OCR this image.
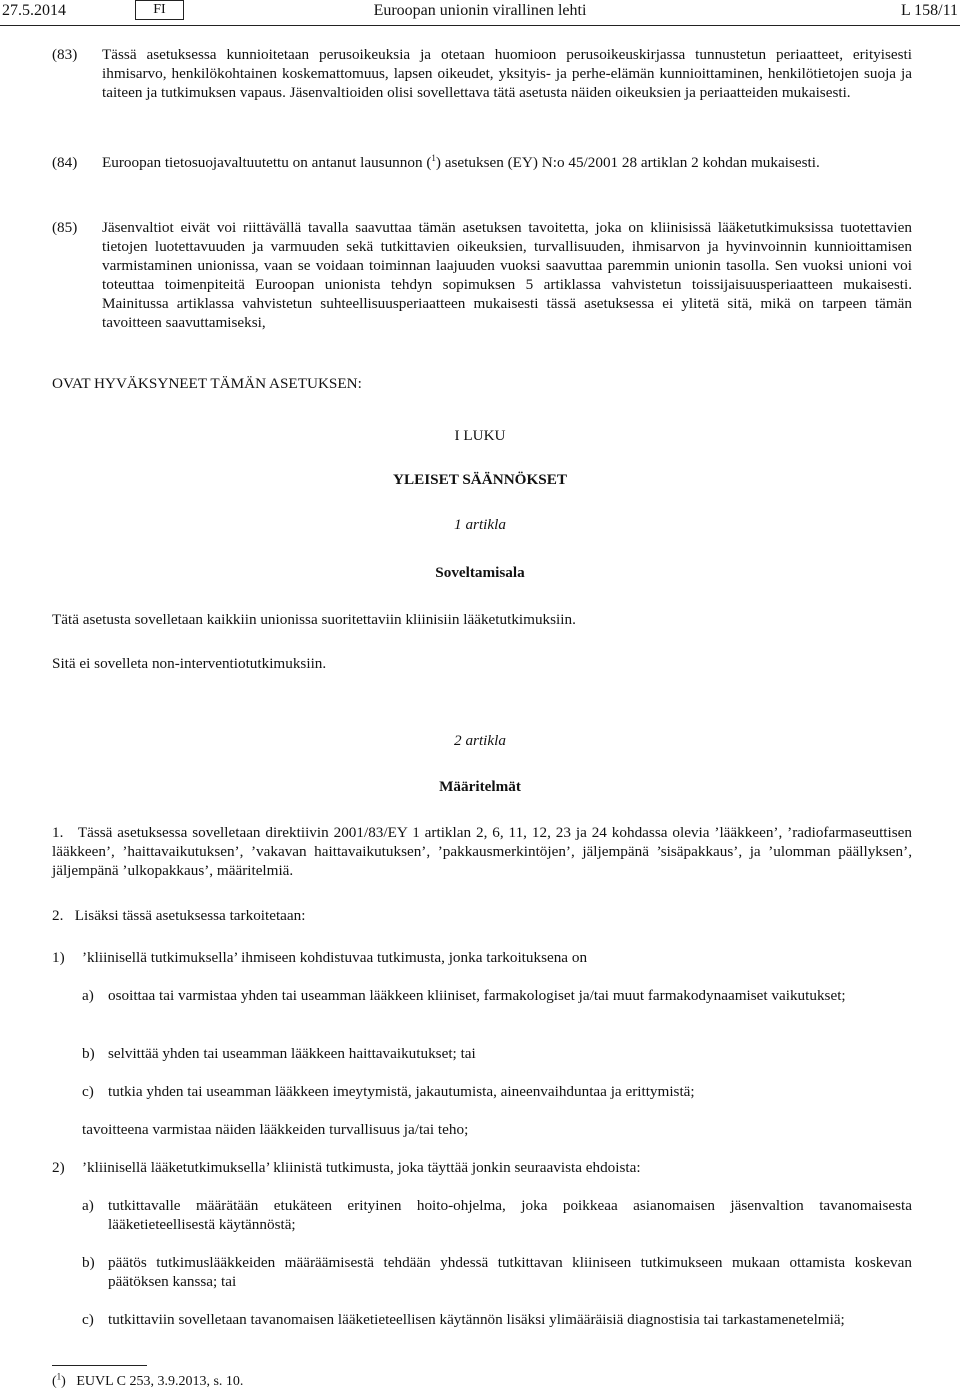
27.5.2014	FI	Euroopan unionin virallinen lehti	L 158/11
(83)	Tässä asetuksessa kunnioitetaan perusoikeuksia ja otetaan huomioon perusoikeuskirjassa tunnustetun periaatteet, erityisesti ihmisarvo, henkilökohtainen koskemattomuus, lapsen oikeudet, yksityis- ja perhe-elämän kunnioittaminen, henkilötietojen suoja ja taiteen ja tutkimuksen vapaus. Jäsenvaltioiden olisi sovellettava tätä asetusta näiden oikeuksien ja periaatteiden mukaisesti.
(84)	Euroopan tietosuojavaltuutettu on antanut lausunnon ($^1$) asetuksen (EY) N:o 45/2001 28 artiklan 2 kohdan mukaisesti.
(85)	Jäsenvaltiot eivät voi riittävällä tavalla saavuttaa tämän asetuksen tavoitetta, joka on kliinisissä lääketutkimuksissa tuotettavien tietojen luotettavuuden ja varmuuden sekä tutkittavien oikeuksien, turvallisuuden, ihmisarvon ja hyvinvoinnin kunnioittamisen varmistaminen unionissa, vaan se voidaan toiminnan laajuuden vuoksi saavuttaa paremmin unionin tasolla. Sen vuoksi unioni voi toteuttaa toimenpiteitä Euroopan unionista tehdyn sopimuksen 5 artiklassa vahvistetun toissijaisuusperiaatteen mukaisesti. Mainitussa artiklassa vahvistetun suhteellisuusperiaatteen mukaisesti tässä asetuksessa ei ylitetä sitä, mikä on tarpeen tämän tavoitteen saavuttamiseksi,
OVAT HYVÄKSYNEET TÄMÄN ASETUKSEN:
I LUKU
YLEISET SÄÄNNÖKSET
1 artikla
Soveltamisala
Tätä asetusta sovelletaan kaikkiin unionissa suoritettaviin kliinisiin lääketutkimuksiin.
Sitä ei sovelleta non-interventiotutkimuksiin.
2 artikla
Määritelmät
1.   Tässä asetuksessa sovelletaan direktiivin 2001/83/EY 1 artiklan 2, 6, 11, 12, 23 ja 24 kohdassa olevia ’lääkkeen’, ’radiofarmaseuttisen lääkkeen’, ’haittavaikutuksen’, ’vakavan haittavaikutuksen’, ’pakkausmerkintöjen’, jäljempänä ’sisäpakkaus’, ja ’ulomman päällyksen’, jäljempänä ’ulkopakkaus’, määritelmiä.
2.   Lisäksi tässä asetuksessa tarkoitetaan:
1) ’kliinisellä tutkimuksella’ ihmiseen kohdistuvaa tutkimusta, jonka tarkoituksena on
a) osoittaa tai varmistaa yhden tai useamman lääkkeen kliiniset, farmakologiset ja/tai muut farmakodynaamiset vaikutukset;
b) selvittää yhden tai useamman lääkkeen haittavaikutukset; tai
c) tutkia yhden tai useamman lääkkeen imeytymistä, jakautumista, aineenvaihduntaa ja erittymistä;
tavoitteena varmistaa näiden lääkkeiden turvallisuus ja/tai teho;
2) ’kliinisellä lääketutkimuksella’ kliinistä tutkimusta, joka täyttää jonkin seuraavista ehdoista:
a) tutkittavalle määrätään etukäteen erityinen hoito-ohjelma, joka poikkeaa asianomaisen jäsenvaltion tavanomaisesta lääketieteellisestä käytännöstä;
b) päätös tutkimuslääkkeiden määräämisestä tehdään yhdessä tutkittavan kliiniseen tutkimukseen mukaan ottamista koskevan päätöksen kanssa; tai
c) tutkittaviin sovelletaan tavanomaisen lääketieteellisen käytännön lisäksi ylimääräisiä diagnostisia tai tarkastamenetelmiä;
($^1$)   EUVL C 253, 3.9.2013, s. 10.
